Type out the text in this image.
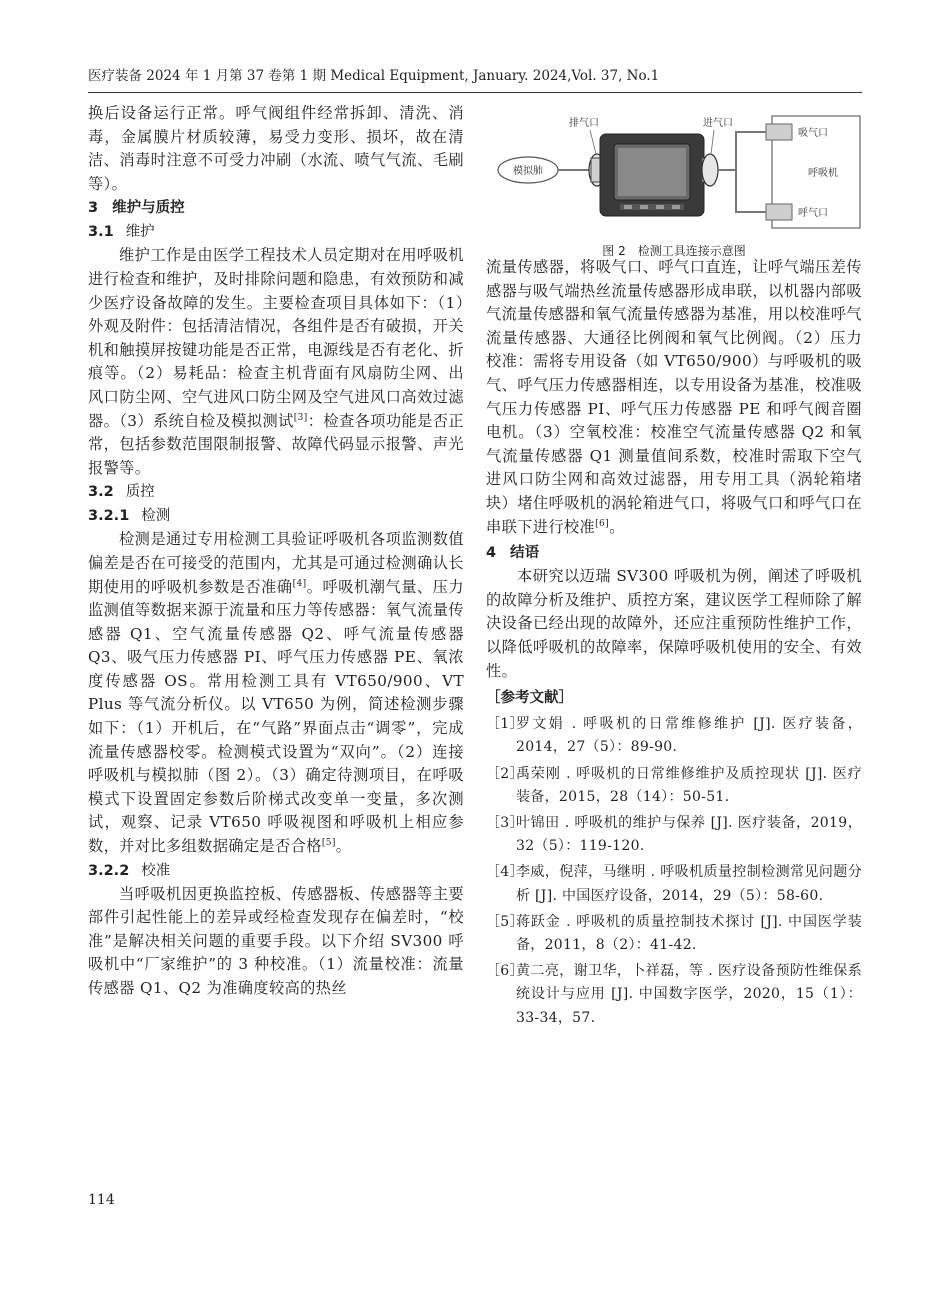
医疗装备 2024 年 1 月第 37 卷第 1 期 Medical Equipment, January. 2024,Vol. 37, No.1

换后设备运行正常。呼气阀组件经常拆卸、清洗、消毒，金属膜片材质较薄，易受力变形、损坏，故在清洁、消毒时注意不可受力冲刷（水流、喷气气流、毛刷等）。

3 维护与质控
3.1 维护

维护工作是由医学工程技术人员定期对在用呼吸机进行检查和维护，及时排除问题和隐患，有效预防和减少医疗设备故障的发生。主要检查项目具体如下：（1）外观及附件：包括清洁情况，各组件是否有破损，开关机和触摸屏按键功能是否正常，电源线是否有老化、折痕等。（2）易耗品：检查主机背面有风扇防尘网、出风口防尘网、空气进风口防尘网及空气进风口高效过滤器。（3）系统自检及模拟测试[3]：检查各项功能是否正常，包括参数范围限制报警、故障代码显示报警、声光报警等。

3.2 质控
3.2.1 检测

检测是通过专用检测工具验证呼吸机各项监测数值偏差是否在可接受的范围内，尤其是可通过检测确认长期使用的呼吸机参数是否准确[4]。呼吸机潮气量、压力监测值等数据来源于流量和压力等传感器：氧气流量传感器 Q1、空气流量传感器 Q2、呼气流量传感器 Q3、吸气压力传感器 PI、呼气压力传感器 PE、氧浓度传感器 OS。常用检测工具有 VT650/900、VT Plus 等气流分析仪。以 VT650 为例，简述检测步骤如下：（1）开机后，在“气路”界面点击“调零”，完成流量传感器校零。检测模式设置为“双向”。（2）连接呼吸机与模拟肺（图 2）。（3）确定待测项目，在呼吸模式下设置固定参数后阶梯式改变单一变量，多次测试，观察、记录 VT650 呼吸视图和呼吸机上相应参数，并对比多组数据确定是否合格[5]。

3.2.2 校准

当呼吸机因更换监控板、传感器板、传感器等主要部件引起性能上的差异或经检查发现存在偏差时，“校准”是解决相关问题的重要手段。以下介绍 SV300 呼吸机中“厂家维护”的 3 种校准。（1）流量校准：流量传感器 Q1、Q2 为准确度较高的热丝

模拟肺
排气口	进气口
吸气口
呼吸机
呼气口
图 2　检测工具连接示意图

流量传感器，将吸气口、呼气口直连，让呼气端压差传感器与吸气端热丝流量传感器形成串联，以机器内部吸气流量传感器和氧气流量传感器为基准，用以校准呼气流量传感器、大通径比例阀和氧气比例阀。（2）压力校准：需将专用设备（如 VT650/900）与呼吸机的吸气、呼气压力传感器相连，以专用设备为基准，校准吸气压力传感器 PI、呼气压力传感器 PE 和呼气阀音圈电机。（3）空氧校准：校准空气流量传感器 Q2 和氧气流量传感器 Q1 测量值间系数，校准时需取下空气进风口防尘网和高效过滤器，用专用工具（涡轮箱堵块）堵住呼吸机的涡轮箱进气口，将吸气口和呼气口在串联下进行校准[6]。

4 结语

本研究以迈瑞 SV300 呼吸机为例，阐述了呼吸机的故障分析及维护、质控方案，建议医学工程师除了解决设备已经出现的故障外，还应注重预防性维护工作，以降低呼吸机的故障率，保障呼吸机使用的安全、有效性。

［参考文献］
［1］
罗文娟 . 呼吸机的日常维修维护 [J]. 医疗装备，2014，27（5）：89-90.
［2］
禹荣刚 . 呼吸机的日常维修维护及质控现状 [J]. 医疗装备，2015，28（14）：50-51.
［3］
叶锦田 . 呼吸机的维护与保养 [J]. 医疗装备，2019，32（5）：119-120.
［4］
李威，倪萍，马继明 . 呼吸机质量控制检测常见问题分析 [J]. 中国医疗设备，2014，29（5）：58-60.
［5］
蒋跃金 . 呼吸机的质量控制技术探讨 [J]. 中国医学装备，2011，8（2）：41-42.
［6］
黄二亮，谢卫华，卜祥磊，等 . 医疗设备预防性维保系统设计与应用 [J]. 中国数字医学，2020，15（1）：33-34，57.
114
